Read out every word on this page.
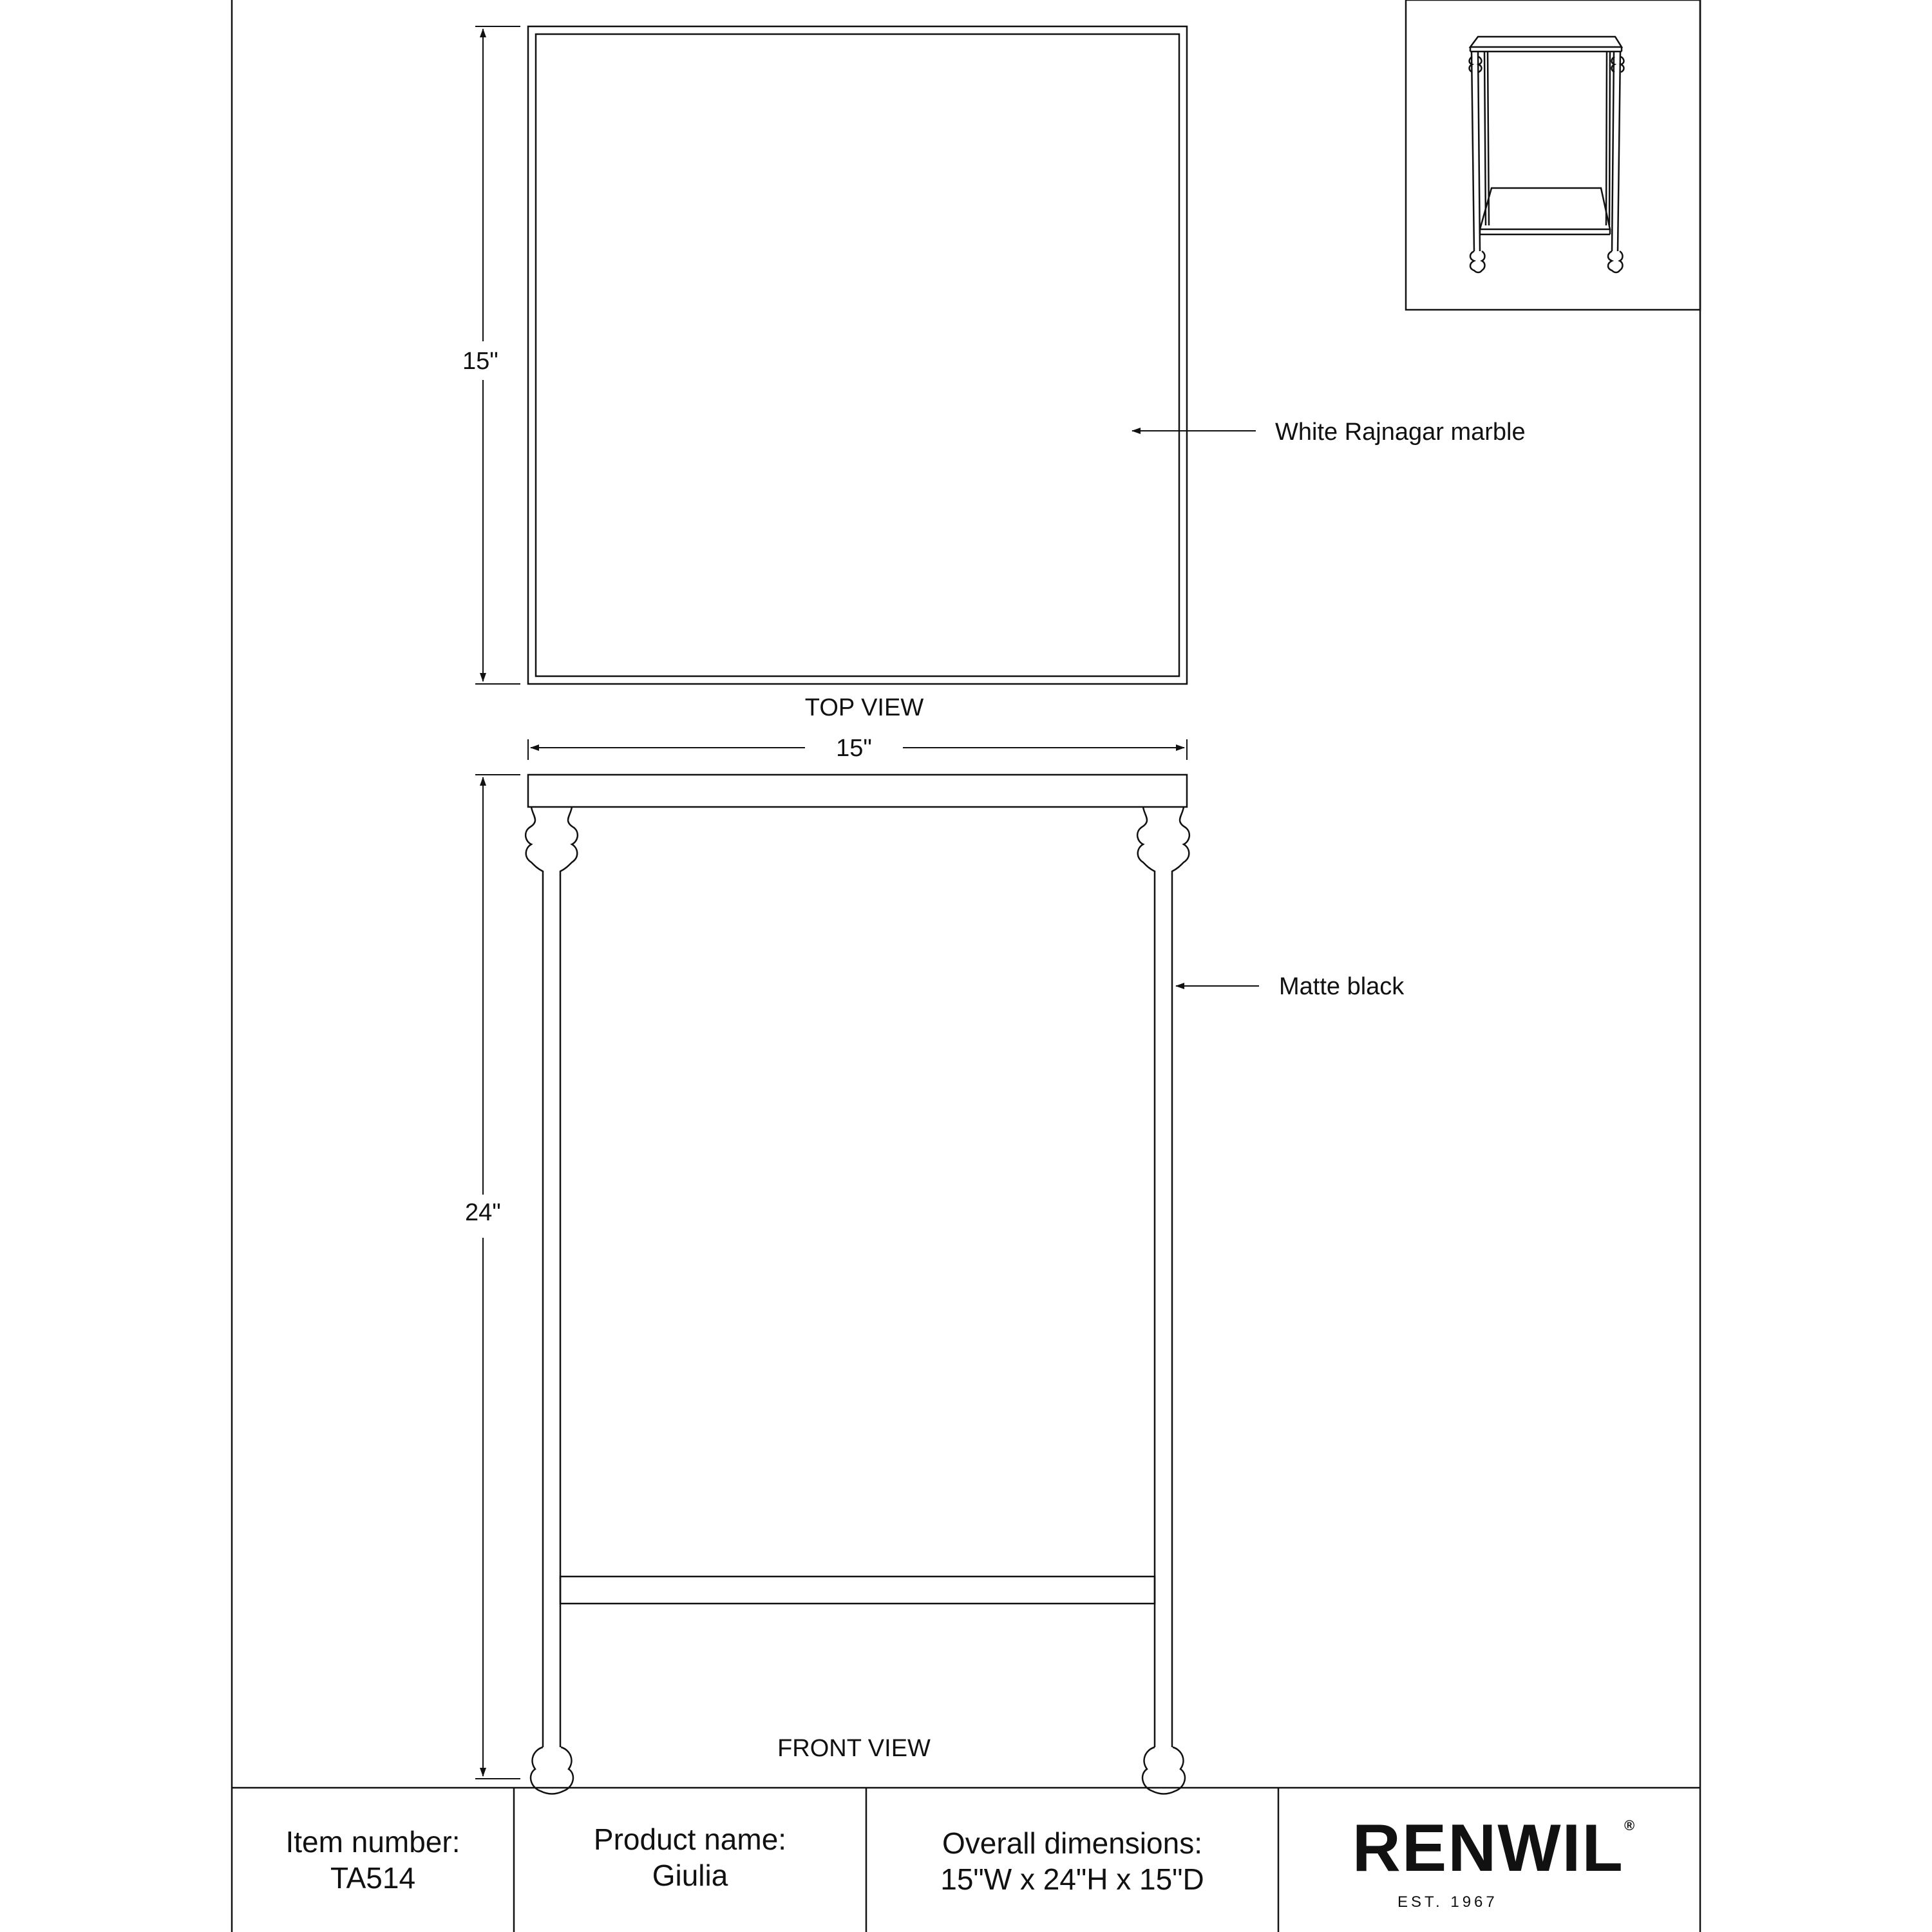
15"
TOP VIEW
15"
24"
White Rajnagar marble
Matte black
FRONT VIEW
Item number:
TA514
Product name:
Giulia
Overall dimensions:
15"W x 24"H x 15"D	RENWIL®
EST. 1967
